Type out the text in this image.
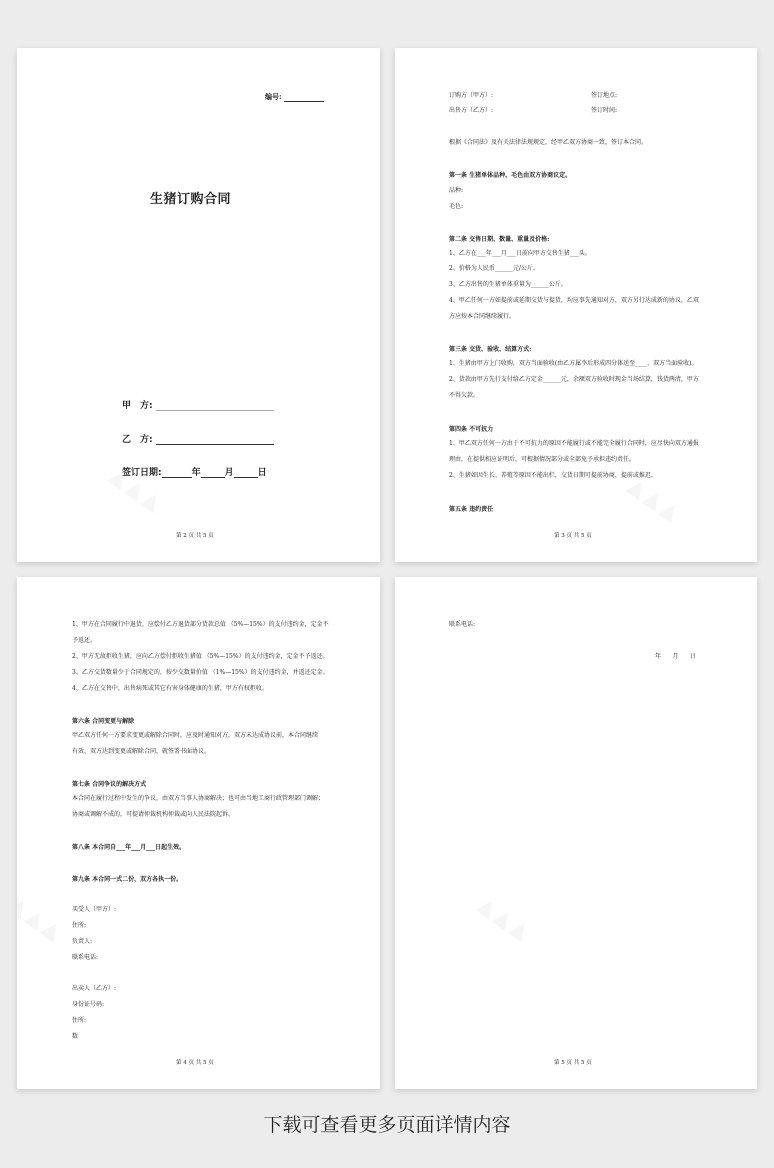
编号:
生猪订购合同
甲　方:
乙　方:
签订日期:	年	月	日
第 2 页 共 5 页
订购方（甲方）:	签订地点:
出售方（乙方）:	签订时间:
根据《合同法》及有关法律法规规定，经甲乙双方协商一致，签订本合同。
第一条 生猪单体品种、毛色由双方协商议定。
品种:
毛色:
第二条 交售日期、数量、重量及价格:
1、乙方在___年___月___日前向甲方交售生猪___头。
2、价格为人民币______元/公斤。
3、乙方出售的生猪单体重量为______公斤。
4、甲乙任何一方如提前或延期交货与提货，均应事先通知对方，双方另行达成新的协议，乙双
方应按本合同继续履行。
第三条 交货、验收、结算方式:
1、生猪由甲方上门收购，双方当面验收(由乙方属李后形成四分体送至____，双方当面验收)。
2、货款由甲方先行支付给乙方定金______元，余额双方验收时现金当场结算，钱货两清，甲方
不得欠款。
第四条 不可抗力
1、甲乙双方任何一方由于不可抗力的原因不能履行或不能完全履行合同时，应尽快向双方通报
理由，在提供相应证明后，可根据情况部分或全部免予承担违约责任。
2、生猪如因生长、养殖等原因不能出栏，交货日期可提前协商，提前或推迟。
第五条 违约责任
第 3 页 共 5 页
1、甲方在合同履行中退货，应偿付乙方退货部分货款总值 （5%—15%）的支付违约金，定金不
予返还。
2、甲方无故拒收生猪，应向乙方偿付拒收生猪值 （5%—15%）的支付违约金，定金不予返还。
3、乙方交货数量少于合同规定的，按少交数量价值 （1%—15%）的支付违约金，并返还定金。
4、乙方在交售中，出售病死或其它有害身体健康的生猪，甲方有权拒收。
第六条 合同变更与解除
甲乙双方任何一方要求变更或解除合同时，应及时通知对方，双方未达成协议前，本合同继续
有效，双方达到变更或解除合同，就签署书面协议。
第七条 合同争议的解决方式
本合同在履行过程中发生的争议，由双方当事人协商解决；也可由当地工商行政管理部门调解；
协商或调解不成的，可提请仲裁机构仲裁或向人民法院起诉。
第八条 本合同自___年___月___日起生效。
第九条 本合同一式二份，双方各执一份。
买受人（甲方）:
住所:
负责人:
联系电话:
出卖人（乙方）:
身份证号码:
住所:
数
第 4 页 共 5 页
联系电话:
年 月 日
第 5 页 共 5 页
下载可查看更多页面详情内容
